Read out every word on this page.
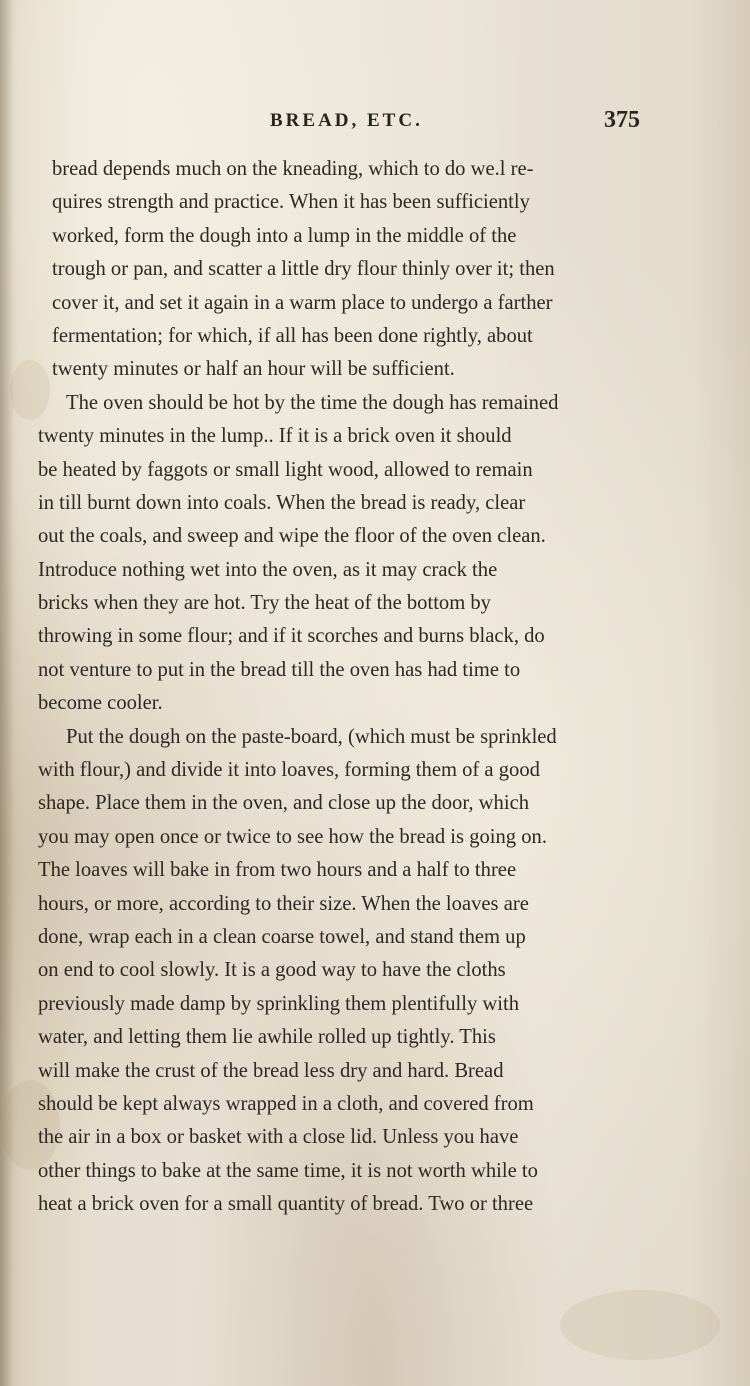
BREAD, ETC.	375
bread depends much on the kneading, which to do we.l re-
quires strength and practice. When it has been sufficiently
worked, form the dough into a lump in the middle of the
trough or pan, and scatter a little dry flour thinly over it; then
cover it, and set it again in a warm place to undergo a farther
fermentation; for which, if all has been done rightly, about
twenty minutes or half an hour will be sufficient.
The oven should be hot by the time the dough has remained
twenty minutes in the lump.. If it is a brick oven it should
be heated by faggots or small light wood, allowed to remain
in till burnt down into coals. When the bread is ready, clear
out the coals, and sweep and wipe the floor of the oven clean.
Introduce nothing wet into the oven, as it may crack the
bricks when they are hot. Try the heat of the bottom by
throwing in some flour; and if it scorches and burns black, do
not venture to put in the bread till the oven has had time to
become cooler.
Put the dough on the paste-board, (which must be sprinkled
with flour,) and divide it into loaves, forming them of a good
shape. Place them in the oven, and close up the door, which
you may open once or twice to see how the bread is going on.
The loaves will bake in from two hours and a half to three
hours, or more, according to their size. When the loaves are
done, wrap each in a clean coarse towel, and stand them up
on end to cool slowly. It is a good way to have the cloths
previously made damp by sprinkling them plentifully with
water, and letting them lie awhile rolled up tightly. This
will make the crust of the bread less dry and hard. Bread
should be kept always wrapped in a cloth, and covered from
the air in a box or basket with a close lid. Unless you have
other things to bake at the same time, it is not worth while to
heat a brick oven for a small quantity of bread. Two or three
